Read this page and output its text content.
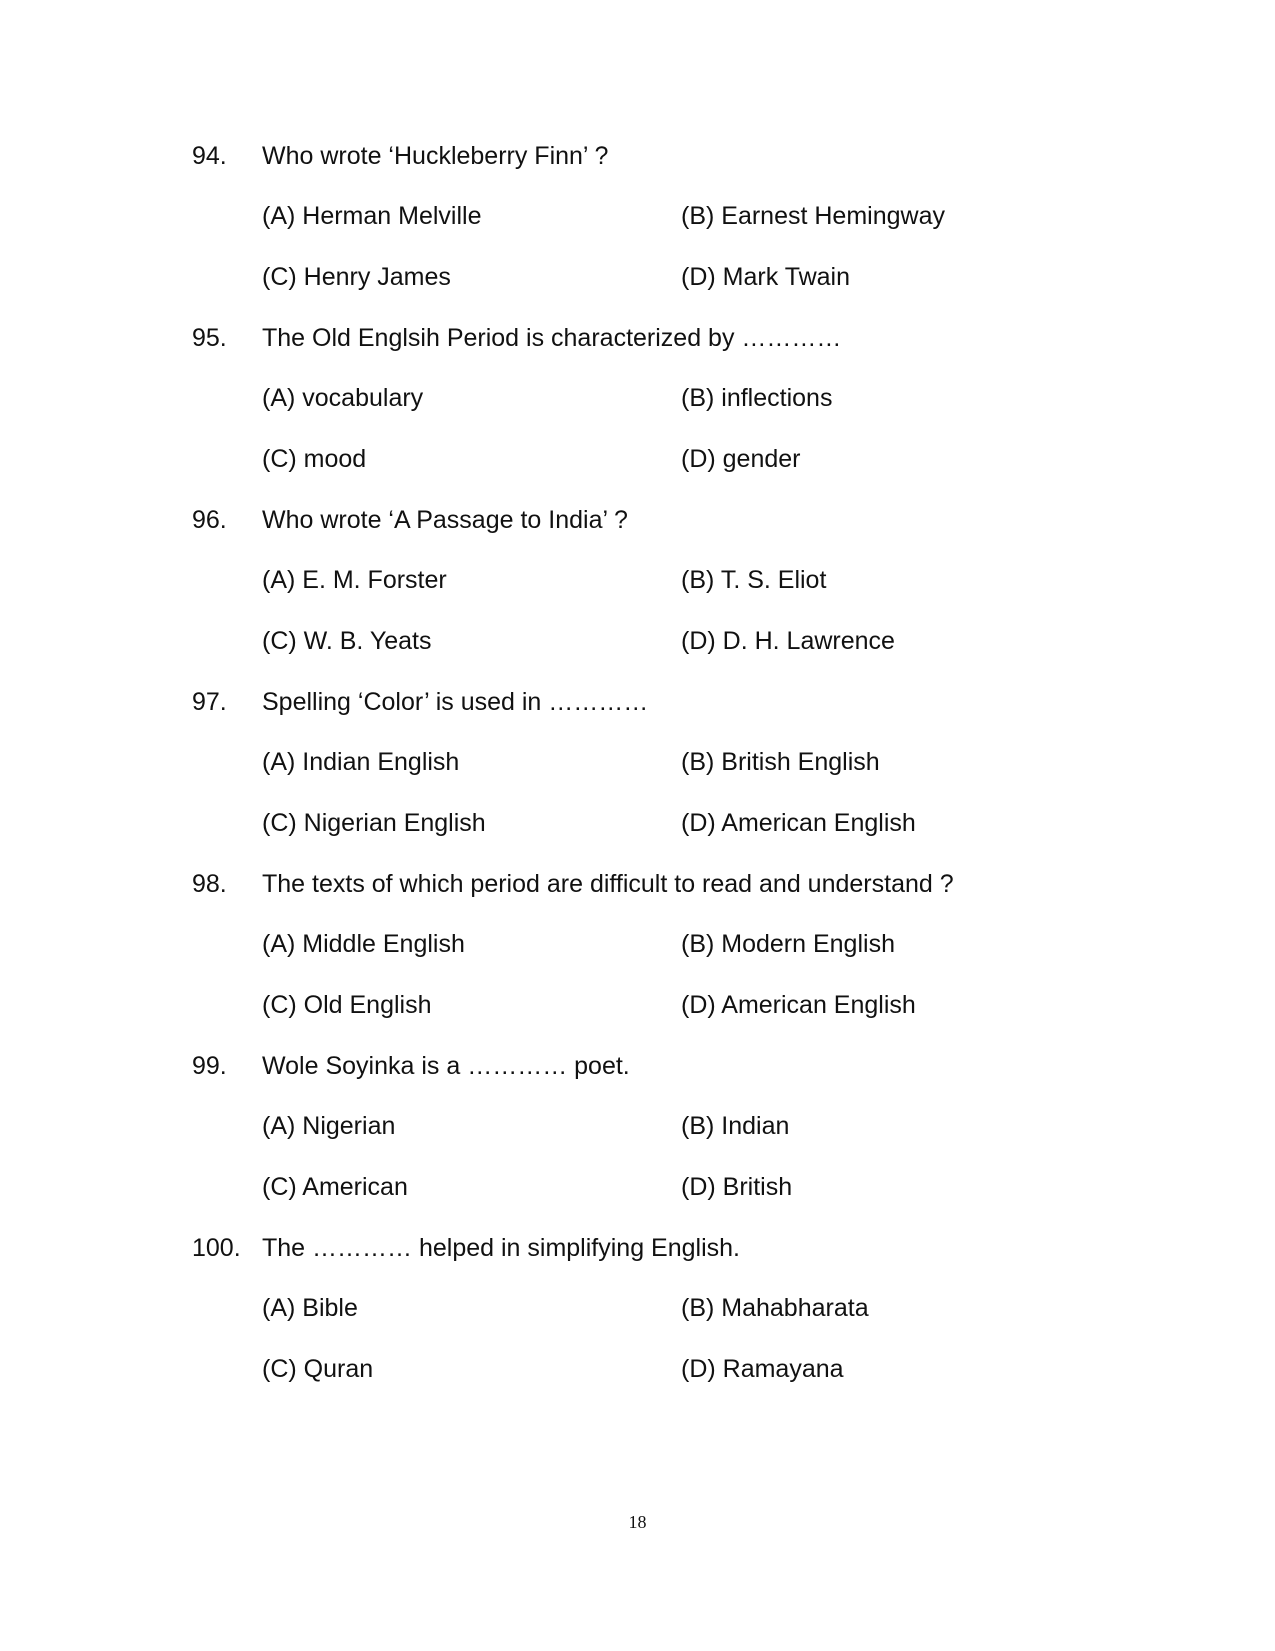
94. Who wrote ‘Huckleberry Finn’ ?
(A) Herman Melville	(B) Earnest Hemingway
(C) Henry James	(D) Mark Twain
95. The Old Englsih Period is characterized by …………
(A) vocabulary	(B) inflections
(C) mood	(D) gender
96. Who wrote ‘A Passage to India’ ?
(A) E. M. Forster	(B) T. S. Eliot
(C) W. B. Yeats	(D) D. H. Lawrence
97. Spelling ‘Color’ is used in …………
(A) Indian English	(B) British English
(C) Nigerian English	(D) American English
98. The texts of which period are difficult to read and understand ?
(A) Middle English	(B) Modern English
(C) Old English	(D) American English
99. Wole Soyinka is a ………… poet.
(A) Nigerian	(B) Indian
(C) American	(D) British
100. The ………… helped in simplifying English.
(A) Bible	(B) Mahabharata
(C) Quran	(D) Ramayana
18
